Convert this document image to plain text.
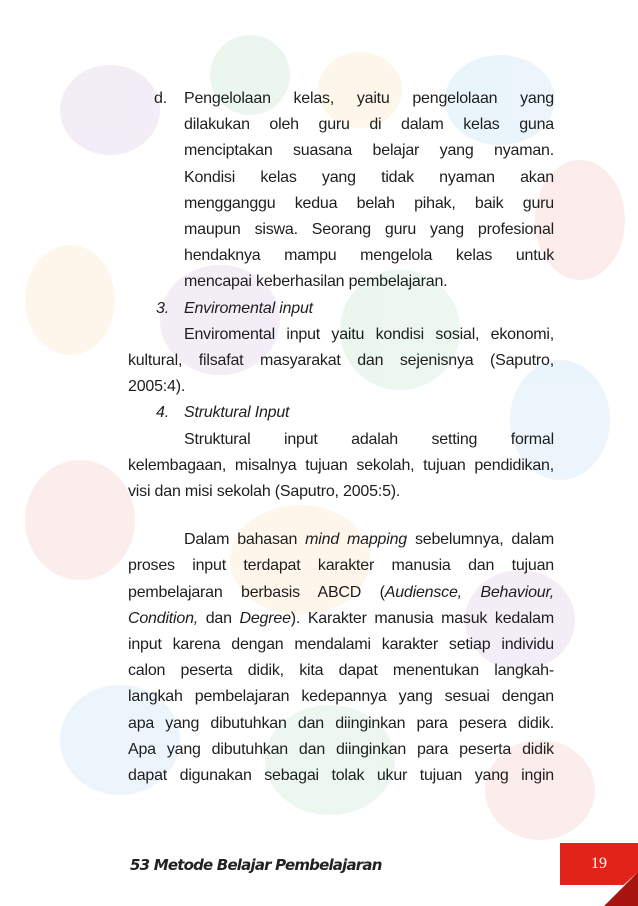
d. Pengelolaan kelas, yaitu pengelolaan yang
dilakukan oleh guru di dalam kelas guna
menciptakan suasana belajar yang nyaman.
Kondisi kelas yang tidak nyaman akan
mengganggu kedua belah pihak, baik guru
maupun siswa. Seorang guru yang profesional
hendaknya mampu mengelola kelas untuk
mencapai keberhasilan pembelajaran.
3. Enviromental input
Enviromental input yaitu kondisi sosial, ekonomi,
kultural, filsafat masyarakat dan sejenisnya (Saputro,
2005:4).
4. Struktural Input
Struktural input adalah setting formal
kelembagaan, misalnya tujuan sekolah, tujuan pendidikan,
visi dan misi sekolah (Saputro, 2005:5).
Dalam bahasan mind mapping sebelumnya, dalam
proses input terdapat karakter manusia dan tujuan
pembelajaran berbasis ABCD (Audiensce, Behaviour,
Condition, dan Degree). Karakter manusia masuk kedalam
input karena dengan mendalami karakter setiap individu
calon peserta didik, kita dapat menentukan langkah-
langkah pembelajaran kedepannya yang sesuai dengan
apa yang dibutuhkan dan diinginkan para pesera didik.
Apa yang dibutuhkan dan diinginkan para peserta didik
dapat digunakan sebagai tolak ukur tujuan yang ingin
53 Metode Belajar Pembelajaran	19
